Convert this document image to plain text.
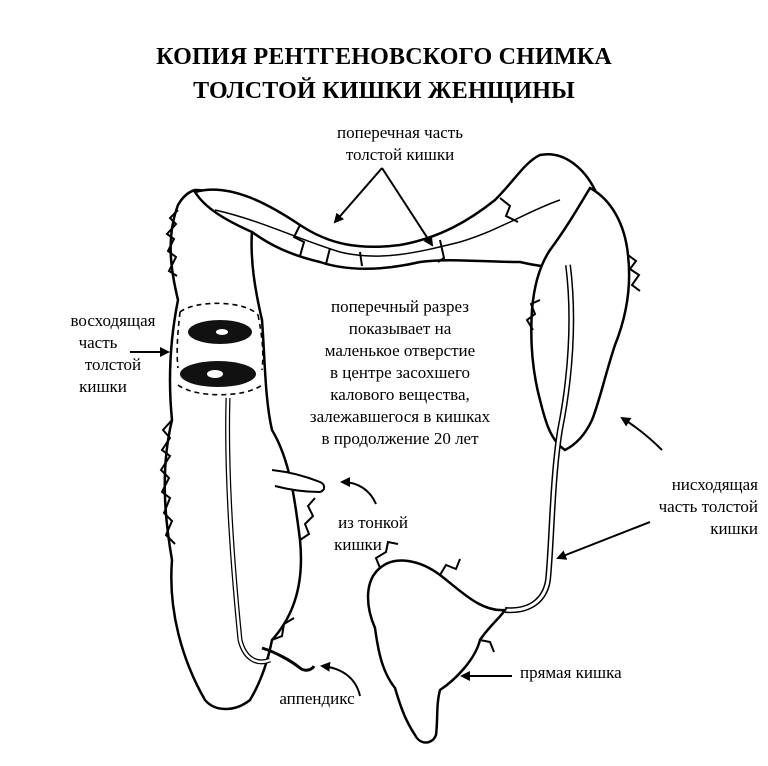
КОПИЯ РЕНТГЕНОВСКОГО СНИМКА
ТОЛСТОЙ КИШКИ ЖЕНЩИНЫ
поперечная часть
толстой кишки
восходящая
часть
толстой
кишки
поперечный разрез
показывает на
маленькое отверстие
в центре засохшего
калового вещества,
залежавшегося в кишках
в продолжение 20 лет
из тонкой
кишки
нисходящая
часть толстой
кишки
прямая кишка
аппендикс
